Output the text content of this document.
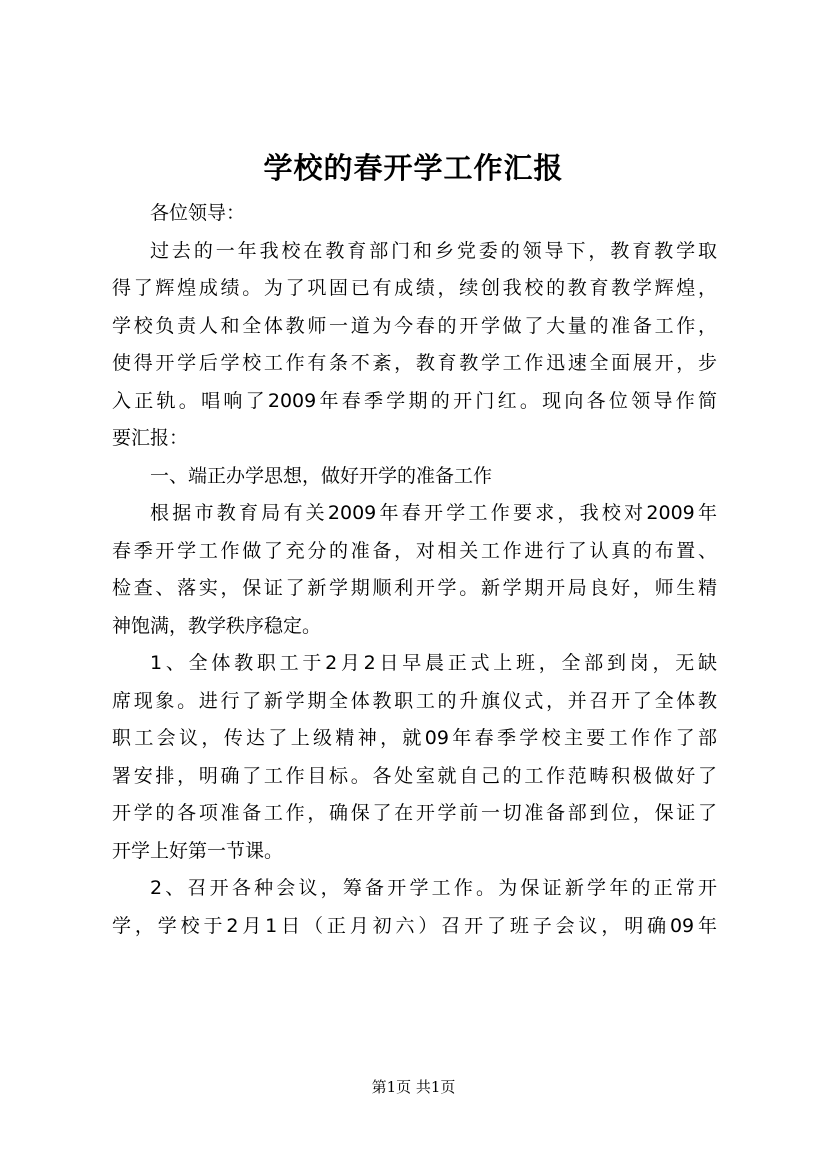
学校的春开学工作汇报
各位领导：
过去的一年我校在教育部门和乡党委的领导下，教育教学取
得了辉煌成绩。为了巩固已有成绩，续创我校的教育教学辉煌，
学校负责人和全体教师一道为今春的开学做了大量的准备工作，
使得开学后学校工作有条不紊，教育教学工作迅速全面展开，步
入正轨。唱响了2009年春季学期的开门红。现向各位领导作简
要汇报：
一、端正办学思想，做好开学的准备工作
根据市教育局有关2009年春开学工作要求，我校对2009年
春季开学工作做了充分的准备，对相关工作进行了认真的布置、
检查、落实，保证了新学期顺利开学。新学期开局良好，师生精
神饱满，教学秩序稳定。
1、全体教职工于2月2日早晨正式上班，全部到岗，无缺
席现象。进行了新学期全体教职工的升旗仪式，并召开了全体教
职工会议，传达了上级精神，就09年春季学校主要工作作了部
署安排，明确了工作目标。各处室就自己的工作范畴积极做好了
开学的各项准备工作，确保了在开学前一切准备部到位，保证了
开学上好第一节课。
2、召开各种会议，筹备开学工作。为保证新学年的正常开
学，学校于2月1日（正月初六）召开了班子会议，明确09年
第1页 共1页
